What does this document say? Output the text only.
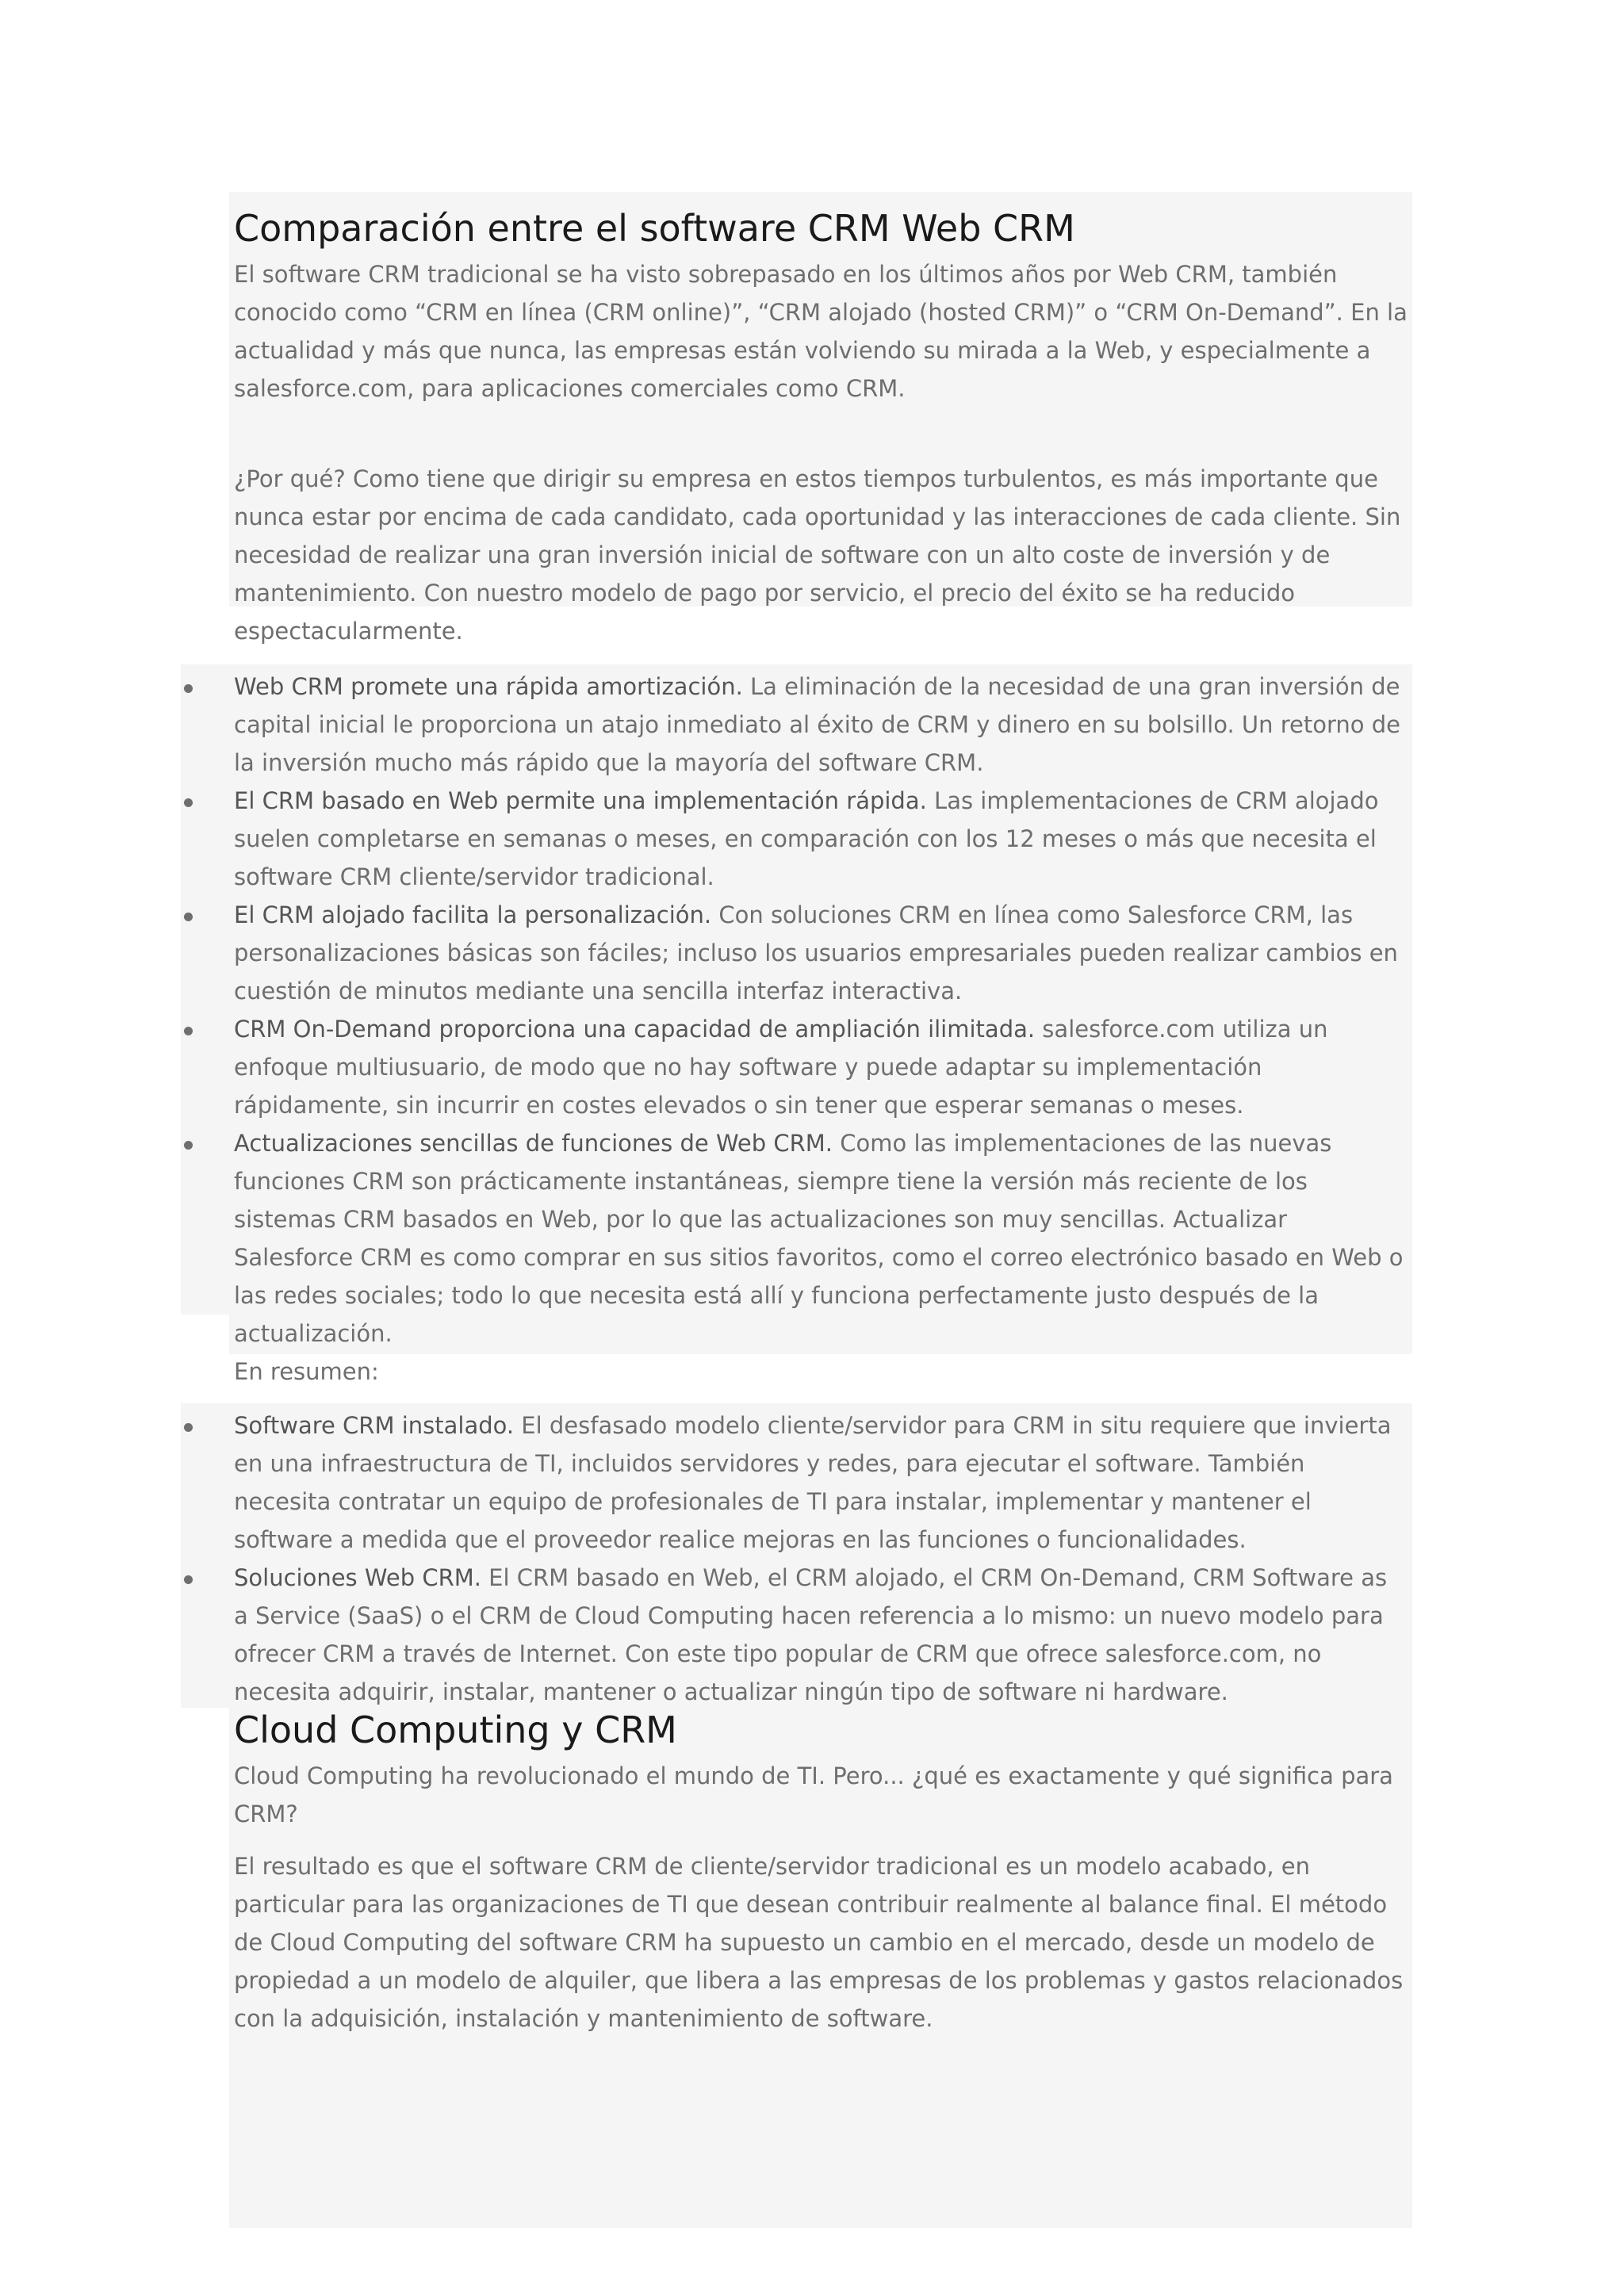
Comparación entre el software CRM Web CRM

El software CRM tradicional se ha visto sobrepasado en los últimos años por Web CRM, también conocido como “CRM en línea (CRM online)”, “CRM alojado (hosted CRM)” o “CRM On-Demand”. En la actualidad y más que nunca, las empresas están volviendo su mirada a la Web, y especialmente a salesforce.com, para aplicaciones comerciales como CRM.

¿Por qué? Como tiene que dirigir su empresa en estos tiempos turbulentos, es más importante que nunca estar por encima de cada candidato, cada oportunidad y las interacciones de cada cliente. Sin necesidad de realizar una gran inversión inicial de software con un alto coste de inversión y de mantenimiento. Con nuestro modelo de pago por servicio, el precio del éxito se ha reducido espectacularmente.

Web CRM promete una rápida amortización. La eliminación de la necesidad de una gran inversión de capital inicial le proporciona un atajo inmediato al éxito de CRM y dinero en su bolsillo. Un retorno de la inversión mucho más rápido que la mayoría del software CRM.
El CRM basado en Web permite una implementación rápida. Las implementaciones de CRM alojado suelen completarse en semanas o meses, en comparación con los 12 meses o más que necesita el software CRM cliente/servidor tradicional.
El CRM alojado facilita la personalización. Con soluciones CRM en línea como Salesforce CRM, las personalizaciones básicas son fáciles; incluso los usuarios empresariales pueden realizar cambios en cuestión de minutos mediante una sencilla interfaz interactiva.
CRM On-Demand proporciona una capacidad de ampliación ilimitada. salesforce.com utiliza un enfoque multiusuario, de modo que no hay software y puede adaptar su implementación rápidamente, sin incurrir en costes elevados o sin tener que esperar semanas o meses.
Actualizaciones sencillas de funciones de Web CRM. Como las implementaciones de las nuevas funciones CRM son prácticamente instantáneas, siempre tiene la versión más reciente de los sistemas CRM basados en Web, por lo que las actualizaciones son muy sencillas. Actualizar Salesforce CRM es como comprar en sus sitios favoritos, como el correo electrónico basado en Web o las redes sociales; todo lo que necesita está allí y funciona perfectamente justo después de la actualización.

En resumen:

Software CRM instalado. El desfasado modelo cliente/servidor para CRM in situ requiere que invierta en una infraestructura de TI, incluidos servidores y redes, para ejecutar el software. También necesita contratar un equipo de profesionales de TI para instalar, implementar y mantener el software a medida que el proveedor realice mejoras en las funciones o funcionalidades.
Soluciones Web CRM. El CRM basado en Web, el CRM alojado, el CRM On-Demand, CRM Software as a Service (SaaS) o el CRM de Cloud Computing hacen referencia a lo mismo: un nuevo modelo para ofrecer CRM a través de Internet. Con este tipo popular de CRM que ofrece salesforce.com, no necesita adquirir, instalar, mantener o actualizar ningún tipo de software ni hardware.
Cloud Computing y CRM

Cloud Computing ha revolucionado el mundo de TI. Pero... ¿qué es exactamente y qué significa para CRM?

El resultado es que el software CRM de cliente/servidor tradicional es un modelo acabado, en particular para las organizaciones de TI que desean contribuir realmente al balance final. El método de Cloud Computing del software CRM ha supuesto un cambio en el mercado, desde un modelo de propiedad a un modelo de alquiler, que libera a las empresas de los problemas y gastos relacionados con la adquisición, instalación y mantenimiento de software.
